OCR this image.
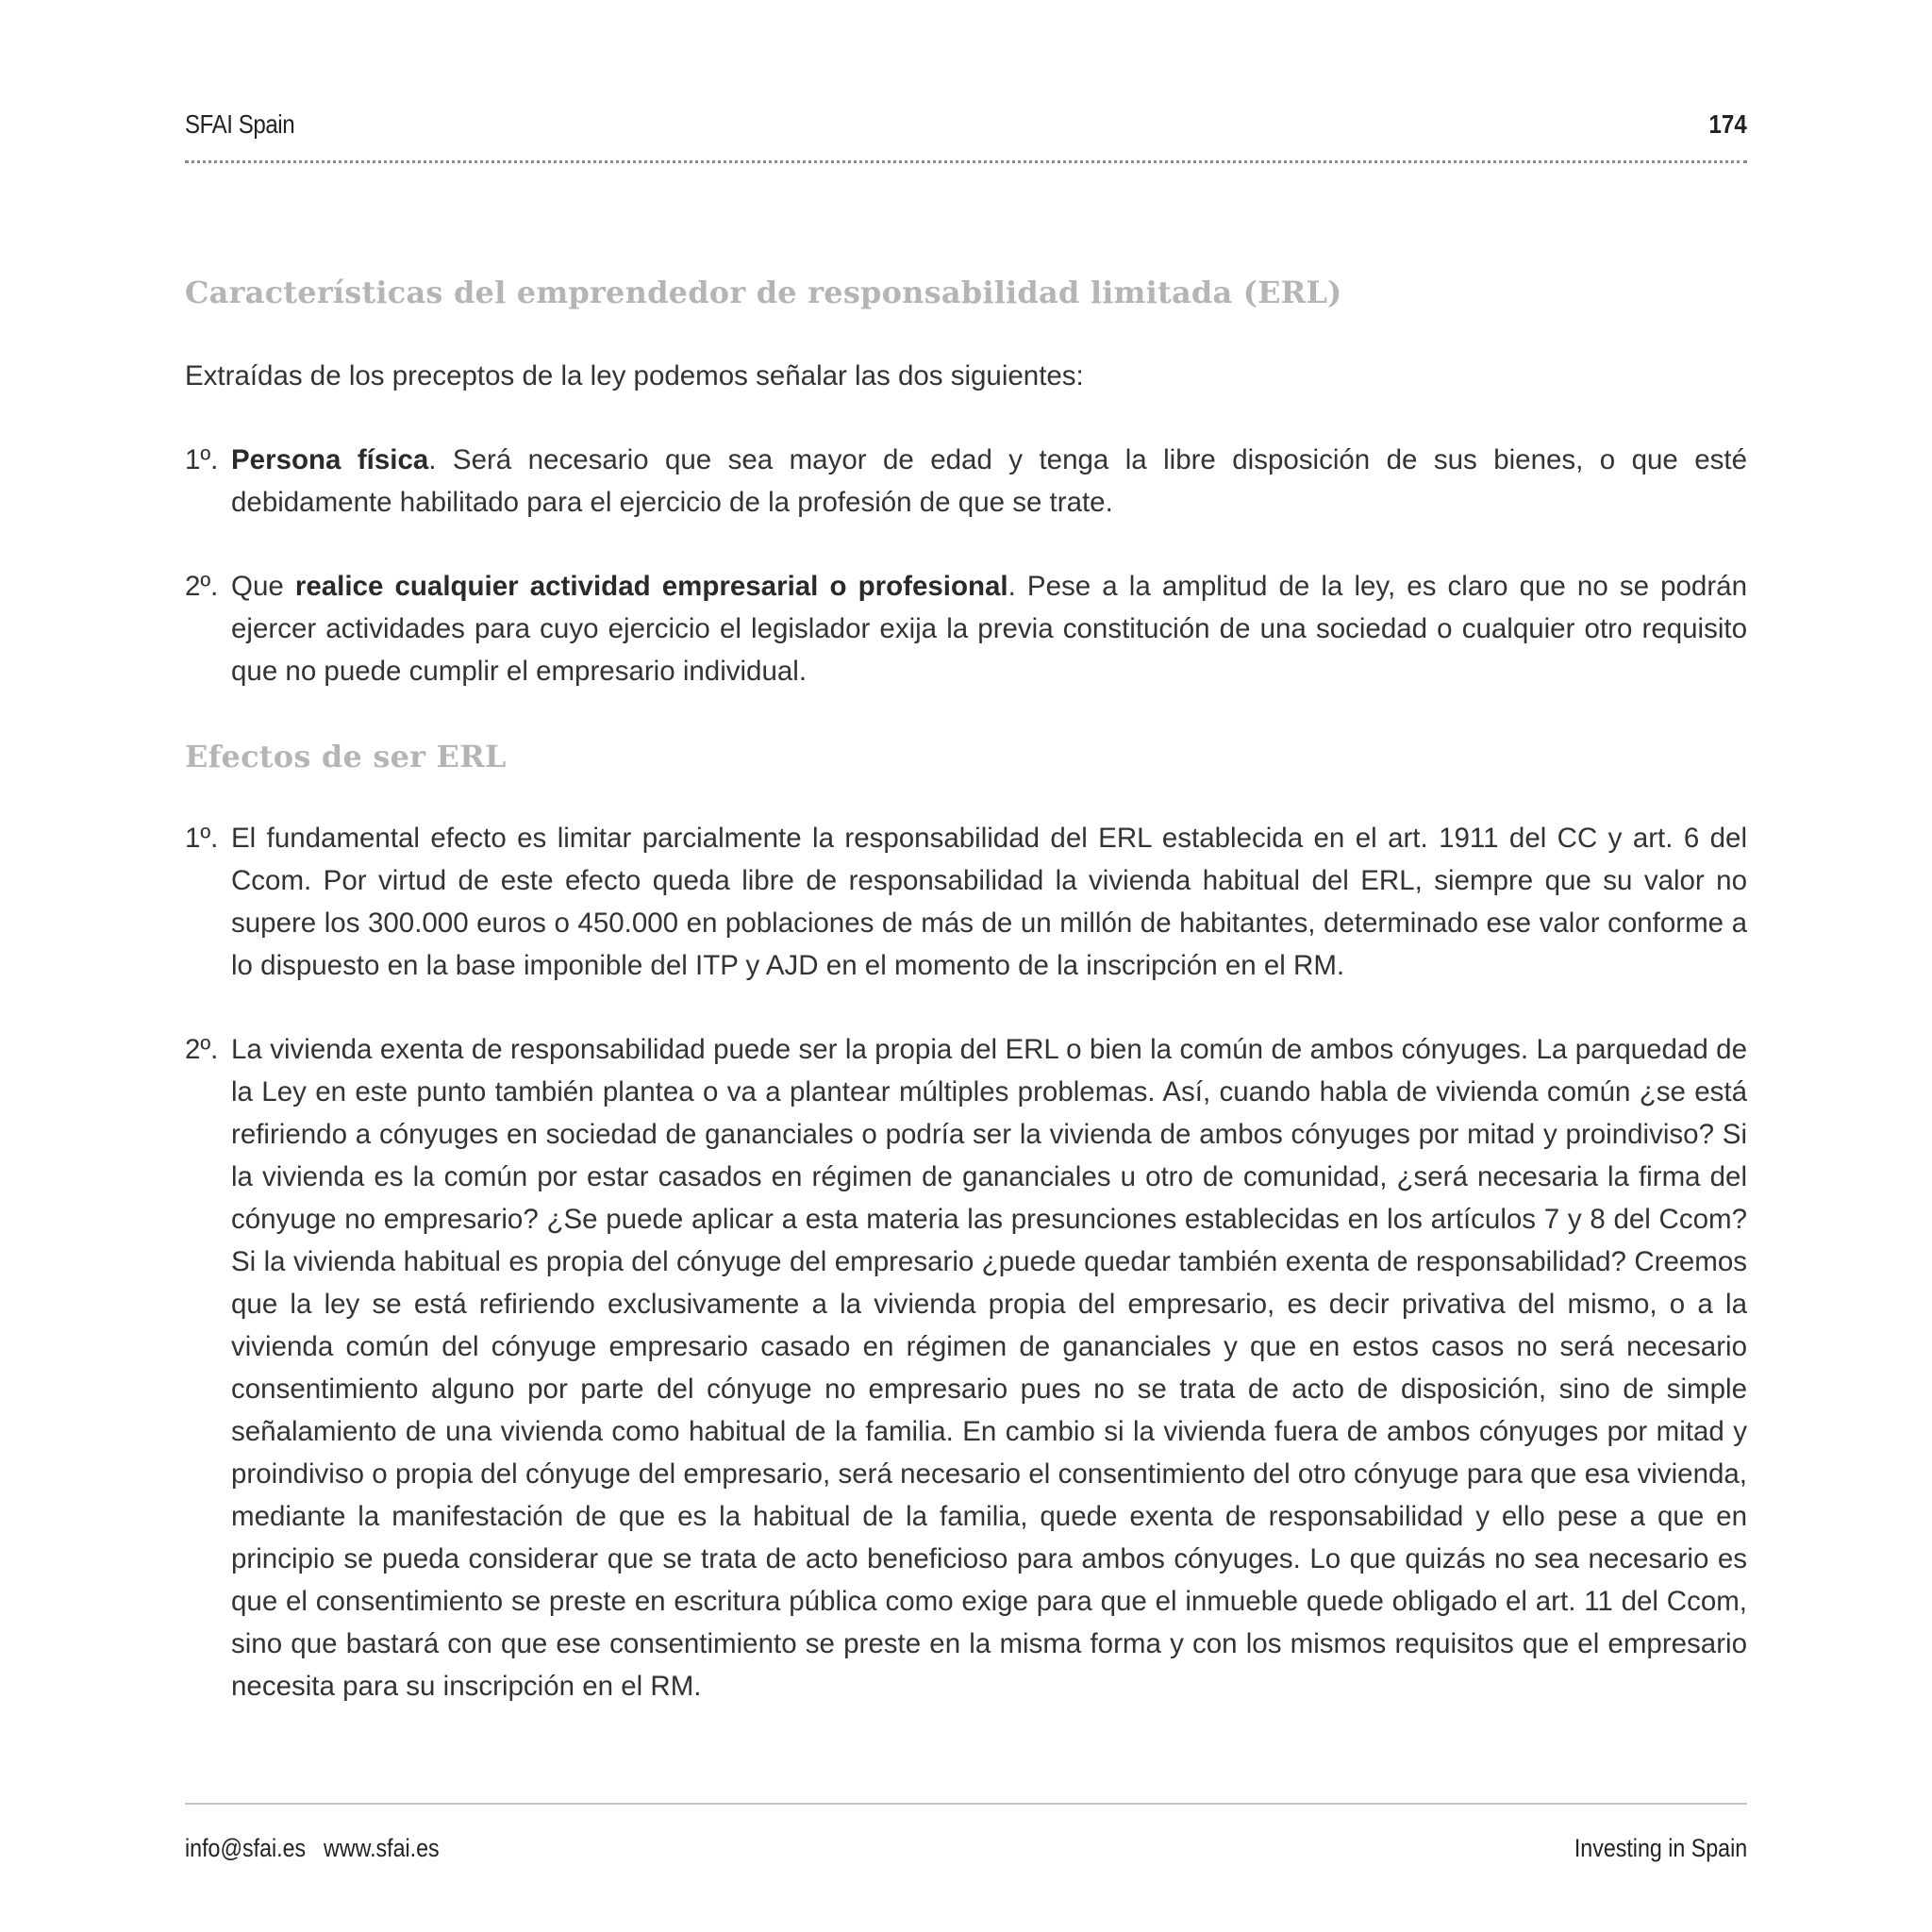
SFAI Spain	174
Características del emprendedor de responsabilidad limitada (ERL)

Extraídas de los preceptos de la ley podemos señalar las dos siguientes:

1º. Persona física. Será necesario que sea mayor de edad y tenga la libre disposición de sus bienes, o que esté debidamente habilitado para el ejercicio de la profesión de que se trate.
2º. Que realice cualquier actividad empresarial o profesional. Pese a la amplitud de la ley, es claro que no se podrán ejercer actividades para cuyo ejercicio el legislador exija la previa constitución de una sociedad o cualquier otro requisito que no puede cumplir el empresario individual.
Efectos de ser ERL
1º. El fundamental efecto es limitar parcialmente la responsabilidad del ERL establecida en el art. 1911 del CC y art. 6 del Ccom. Por virtud de este efecto queda libre de responsabilidad la vivienda habitual del ERL, siempre que su valor no supere los 300.000 euros o 450.000 en poblaciones de más de un millón de habitantes, determinado ese valor conforme a lo dispuesto en la base imponible del ITP y AJD en el momento de la inscripción en el RM.
2º. La vivienda exenta de responsabilidad puede ser la propia del ERL o bien la común de ambos cónyuges. La parquedad de la Ley en este punto también plantea o va a plantear múltiples problemas. Así, cuando habla de vivienda común ¿se está refiriendo a cónyuges en sociedad de gananciales o podría ser la vivienda de ambos cónyuges por mitad y proindiviso? Si la vivienda es la común por estar casados en régimen de gananciales u otro de comunidad, ¿será necesaria la firma del cónyuge no empresario? ¿Se puede aplicar a esta materia las presunciones establecidas en los artículos 7 y 8 del Ccom? Si la vivienda habitual es propia del cónyuge del empresario ¿puede quedar también exenta de responsabilidad? Creemos que la ley se está refiriendo exclusivamente a la vivienda propia del empresario, es decir privativa del mismo, o a la vivienda común del cónyuge empresario casado en régimen de gananciales y que en estos casos no será necesario consentimiento alguno por parte del cónyuge no empresario pues no se trata de acto de disposición, sino de simple señalamiento de una vivienda como habitual de la familia. En cambio si la vivienda fuera de ambos cónyuges por mitad y proindiviso o propia del cónyuge del empresario, será necesario el consentimiento del otro cónyuge para que esa vivienda, mediante la manifestación de que es la habitual de la familia, quede exenta de responsabilidad y ello pese a que en principio se pueda considerar que se trata de acto beneficioso para ambos cónyuges. Lo que quizás no sea necesario es que el consentimiento se preste en escritura pública como exige para que el inmueble quede obligado el art. 11 del Ccom, sino que bastará con que ese consentimiento se preste en la misma forma y con los mismos requisitos que el empresario necesita para su inscripción en el RM.
info@sfai.es www.sfai.es	Investing in Spain
